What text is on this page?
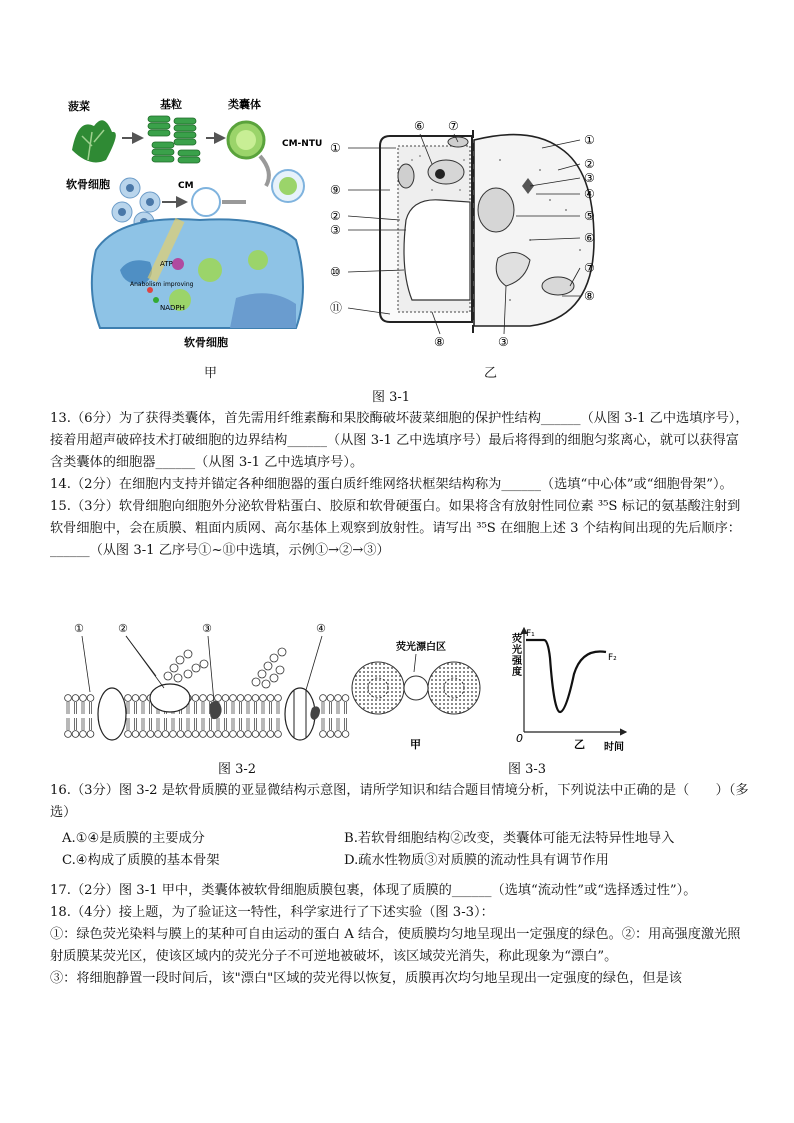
菠菜	基粒	类囊体
CM-NTU
软骨细胞	CM
ATP
Anabolism improving
NADPH
软骨细胞
①
⑨
②
③
⑩
⑪
⑥ ⑦
⑧	③
①
②
③
④
⑤
⑥
⑦
⑧
甲	乙
图 3-1

13.（6分）为了获得类囊体，首先需用纤维素酶和果胶酶破坏菠菜细胞的保护性结构______（从图 3-1 乙中选填序号），接着用超声破碎技术打破细胞的边界结构______（从图 3-1 乙中选填序号）最后将得到的细胞匀浆离心，就可以获得富含类囊体的细胞器______（从图 3-1 乙中选填序号）。

14.（2分）在细胞内支持并锚定各种细胞器的蛋白质纤维网络状框架结构称为______（选填“中心体”或“细胞骨架”）。

15.（3分）软骨细胞向细胞外分泌软骨粘蛋白、胶原和软骨硬蛋白。如果将含有放射性同位素 ³⁵S 标记的氨基酸注射到软骨细胞中，会在质膜、粗面内质网、高尔基体上观察到放射性。请写出 ³⁵S 在细胞上述 3 个结构间出现的先后顺序：______（从图 3-1 乙序号①~⑪中选填，示例①→②→③）

①	②	③	④
图 3-2
荧光漂白区
甲
荧 光 强 度
F₁
F₂
0
时间
乙
图 3-3
16.（3分）图 3-2 是软骨质膜的亚显微结构示意图，请所学知识和结合题目情境分析，下列说法中正确的是（　　）（多选）
A.①④是质膜的主要成分	B.若软骨细胞结构②改变，类囊体可能无法特异性地导入
C.④构成了质膜的基本骨架	D.疏水性物质③对质膜的流动性具有调节作用

17.（2分）图 3-1 甲中，类囊体被软骨细胞质膜包裹，体现了质膜的______（选填“流动性”或“选择透过性”）。

18.（4分）接上题，为了验证这一特性，科学家进行了下述实验（图 3-3）：

①：绿色荧光染料与膜上的某种可自由运动的蛋白 A 结合，使质膜均匀地呈现出一定强度的绿色。②：用高强度激光照射质膜某荧光区，使该区域内的荧光分子不可逆地被破坏，该区域荧光消失，称此现象为“漂白”。

③：将细胞静置一段时间后，该"漂白"区域的荧光得以恢复，质膜再次均匀地呈现出一定强度的绿色，但是该
